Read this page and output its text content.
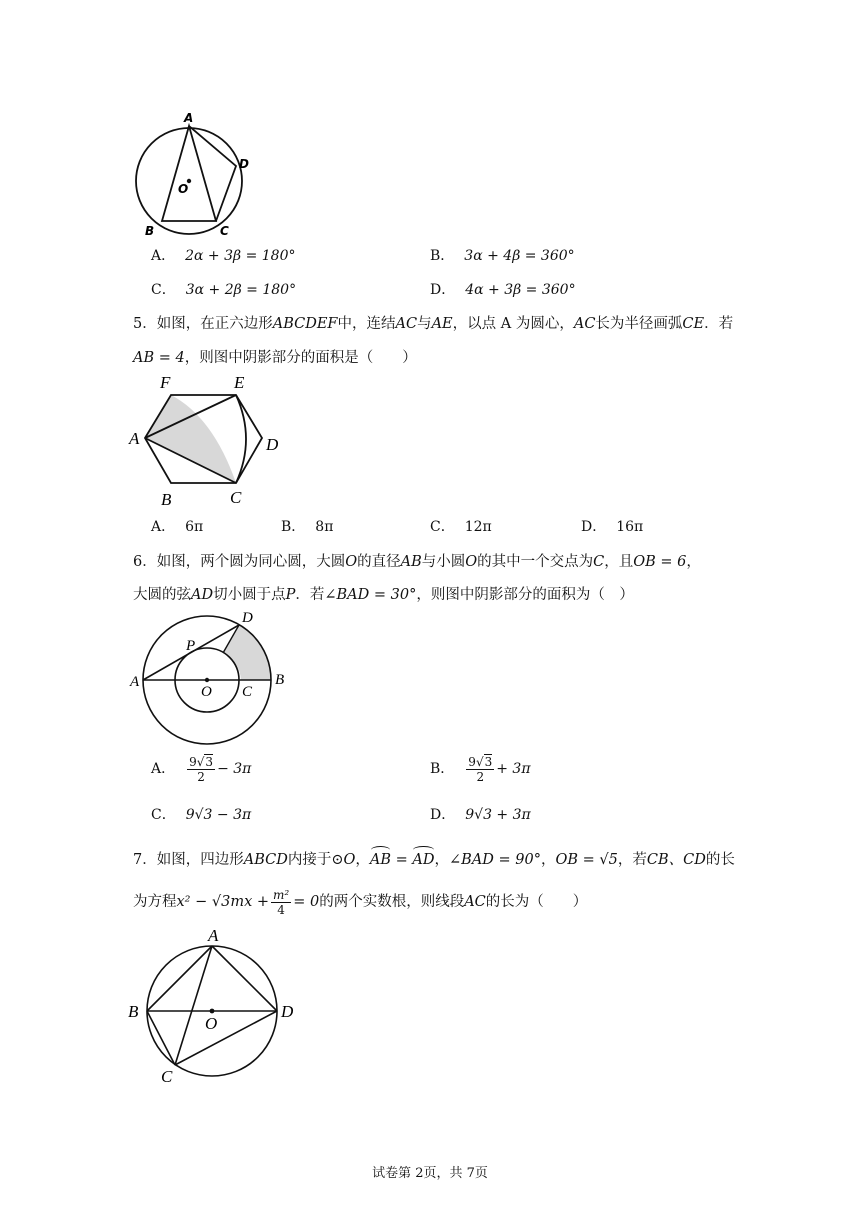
A
D
O
B	C
A． 2α + 3β = 180°	B． 3α + 4β = 360°
C． 3α + 2β = 180°	D． 4α + 3β = 360°
5．如图，在正六边形ABCDEF中，连结AC与AE，以点 A 为圆心，AC长为半径画弧CE．若
AB = 4，则图中阴影部分的面积是（　　）
F	E
A	D
B	C
A． 6π	B． 8π	C． 12π	D． 16π
6．如图，两个圆为同心圆，大圆O的直径AB与小圆O的其中一个交点为C，且OB = 6，
大圆的弦AD切小圆于点P．若∠BAD = 30°，则图中阴影部分的面积为（　）
D
P
A
O C
B
A． $\frac{9√3}{2} - 3\pi$	B． $\frac{9√3}{2} + 3\pi$
C． 9√3 − 3π	D． 9√3 + 3π
7．如图，四边形ABCD内接于⊙O，AB = AD，∠BAD = 90°，OB = √5，若CB、CD的长
为方程$x^2 - √3mx + \frac{\text{m²}}{4} = 0$的两个实数根，则线段AC的长为（　　）
A
B
O
D
C
试卷第 2页，共 7页
